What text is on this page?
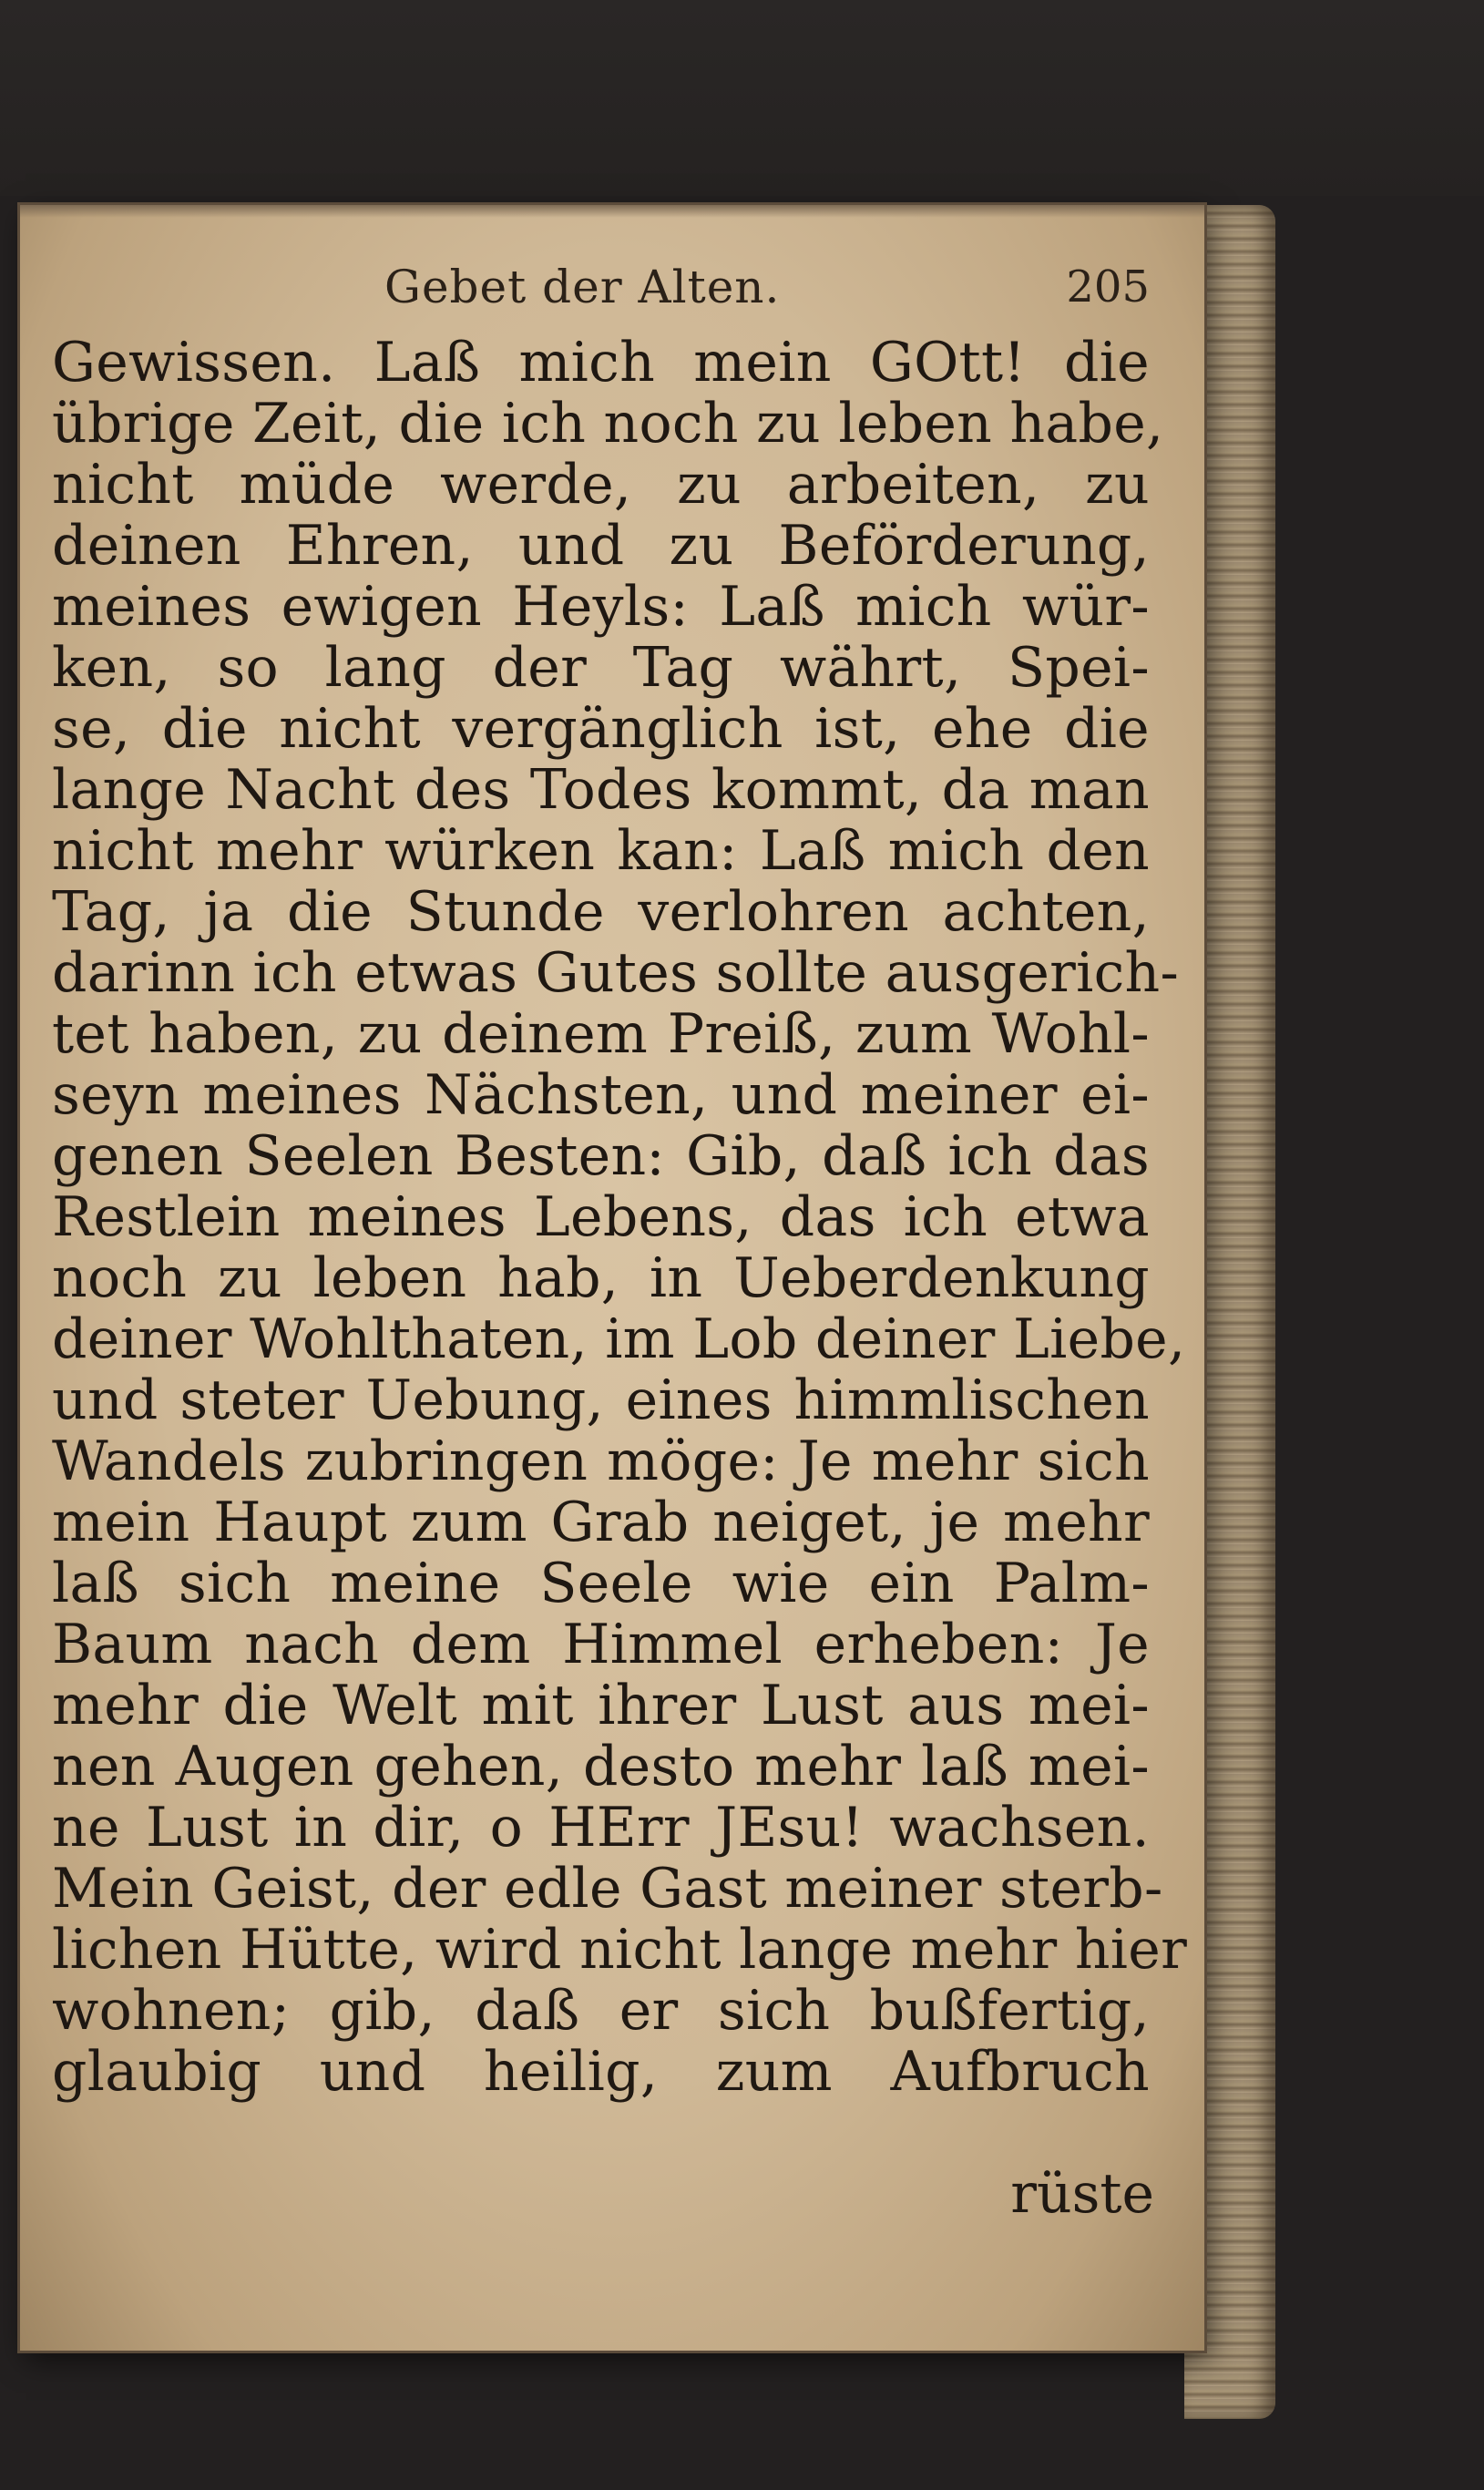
Gebet der Alten.	205
Gewissen. Laß mich mein GOtt! die
übrige Zeit, die ich noch zu leben habe,
nicht müde werde, zu arbeiten, zu
deinen Ehren, und zu Beförderung,
meines ewigen Heyls: Laß mich wür-
ken, so lang der Tag währt, Spei-
se, die nicht vergänglich ist, ehe die
lange Nacht des Todes kommt, da man
nicht mehr würken kan: Laß mich den
Tag, ja die Stunde verlohren achten,
darinn ich etwas Gutes sollte ausgerich-
tet haben, zu deinem Preiß, zum Wohl-
seyn meines Nächsten, und meiner ei-
genen Seelen Besten: Gib, daß ich das
Restlein meines Lebens, das ich etwa
noch zu leben hab, in Ueberdenkung
deiner Wohlthaten, im Lob deiner Liebe,
und steter Uebung, eines himmlischen
Wandels zubringen möge: Je mehr sich
mein Haupt zum Grab neiget, je mehr
laß sich meine Seele wie ein Palm-
Baum nach dem Himmel erheben: Je
mehr die Welt mit ihrer Lust aus mei-
nen Augen gehen, desto mehr laß mei-
ne Lust in dir, o HErr JEsu! wachsen.
Mein Geist, der edle Gast meiner sterb-
lichen Hütte, wird nicht lange mehr hier
wohnen; gib, daß er sich bußfertig,
glaubig und heilig, zum Aufbruch
rüste
